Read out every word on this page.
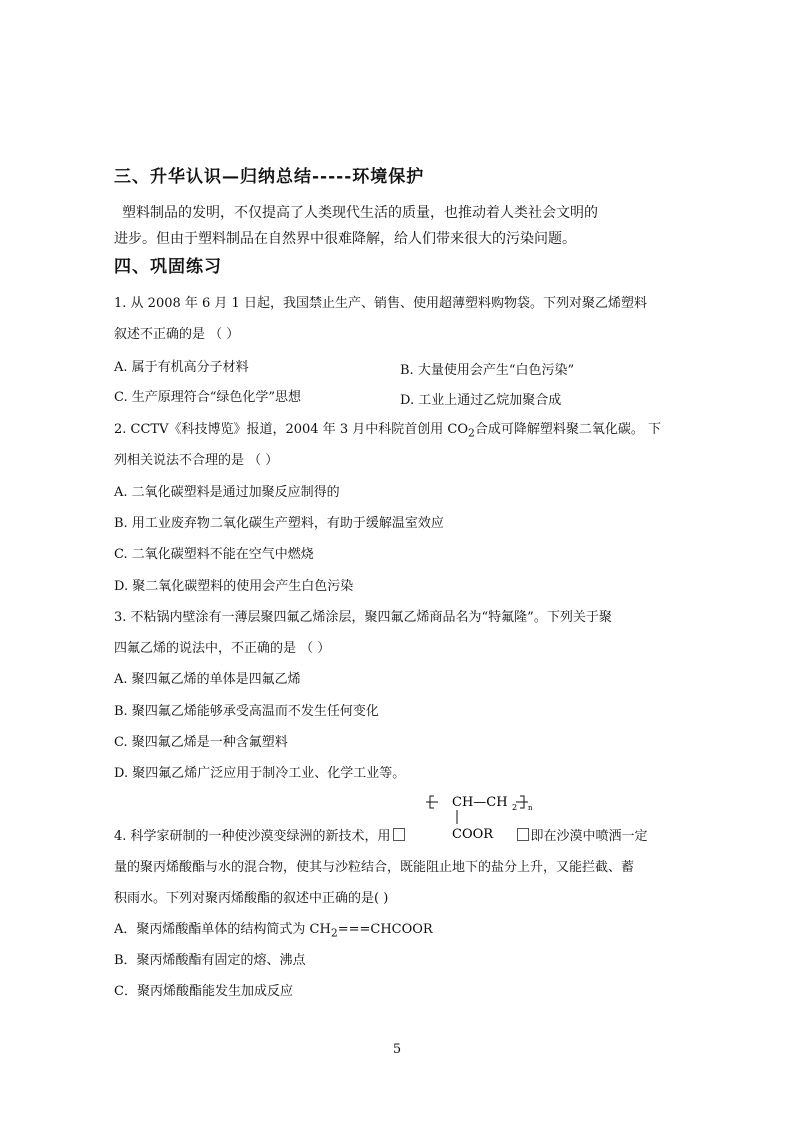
三、升华认识—归纳总结-----环境保护
塑料制品的发明，不仅提高了人类现代生活的质量，也推动着人类社会文明的
进步。但由于塑料制品在自然界中很难降解，给人们带来很大的污染问题。
四、巩固练习
1. 从 2008 年 6 月 1 日起，我国禁止生产、销售、使用超薄塑料购物袋。下列对聚乙烯塑料
叙述不正确的是 （ ）
A. 属于有机高分子材料	B. 大量使用会产生“白色污染”
C. 生产原理符合“绿色化学”思想	D. 工业上通过乙烷加聚合成
2. CCTV《科技博览》报道，2004 年 3 月中科院首创用 $CO_2$合成可降解塑料聚二氧化碳。 下
列相关说法不合理的是 （ ）
A. 二氧化碳塑料是通过加聚反应制得的
B. 用工业废弃物二氧化碳生产塑料，有助于缓解温室效应
C. 二氧化碳塑料不能在空气中燃烧
D. 聚二氧化碳塑料的使用会产生白色污染
3. 不粘锅内壁涂有一薄层聚四氟乙烯涂层，聚四氟乙烯商品名为“特氟隆”。下列关于聚
四氟乙烯的说法中，不正确的是 （ ）
A. 聚四氟乙烯的单体是四氟乙烯
B. 聚四氟乙烯能够承受高温而不发生任何变化
C. 聚四氟乙烯是一种含氟塑料
D. 聚四氟乙烯广泛应用于制冷工业、化学工业等。
CH—CH 2 n
COOR
4. 科学家研制的一种使沙漠变绿洲的新技术，用	即在沙漠中喷洒一定
量的聚丙烯酸酯与水的混合物，使其与沙粒结合，既能阻止地下的盐分上升，又能拦截、蓄
积雨水。下列对聚丙烯酸酯的叙述中正确的是( )
A．聚丙烯酸酯单体的结构简式为 $CH_2===CHCOOR$
B．聚丙烯酸酯有固定的熔、沸点
C．聚丙烯酸酯能发生加成反应
5
